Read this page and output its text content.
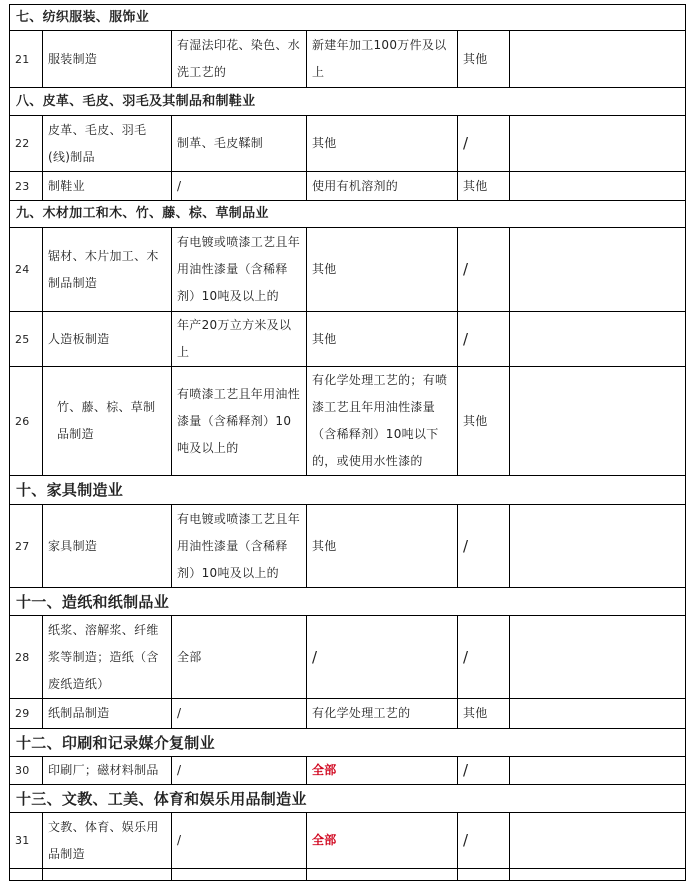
七、纺织服装、服饰业					
21	服装制造	有湿法印花、染色、水洗工艺的	新建年加工100万件及以上	其他	
八、皮革、毛皮、羽毛及其制品和制鞋业					
22	皮革、毛皮、羽毛(线)制品	制革、毛皮鞣制	其他	/	
23	制鞋业	/	使用有机溶剂的	其他	
九、木材加工和木、竹、藤、棕、草制品业					
24	锯材、木片加工、木制品制造	有电镀或喷漆工艺且年用油性漆量（含稀释剂）10吨及以上的	其他	/	
25	人造板制造	年产20万立方米及以上	其他	/	
26	竹、藤、棕、草制品制造	有喷漆工艺且年用油性漆量（含稀释剂）10吨及以上的	有化学处理工艺的；有喷漆工艺且年用油性漆量（含稀释剂）10吨以下的，或使用水性漆的	其他	
十、家具制造业					
27	家具制造	有电镀或喷漆工艺且年用油性漆量（含稀释剂）10吨及以上的	其他	/	
十一、造纸和纸制品业					
28	纸浆、溶解浆、纤维浆等制造；造纸（含废纸造纸）	全部	/	/	
29	纸制品制造	/	有化学处理工艺的	其他	
十二、印刷和记录媒介复制业					
30	印刷厂；磁材料制品	/	全部	/	
十三、文教、工美、体育和娱乐用品制造业					
31	文教、体育、娱乐用品制造	/	全部	/	
